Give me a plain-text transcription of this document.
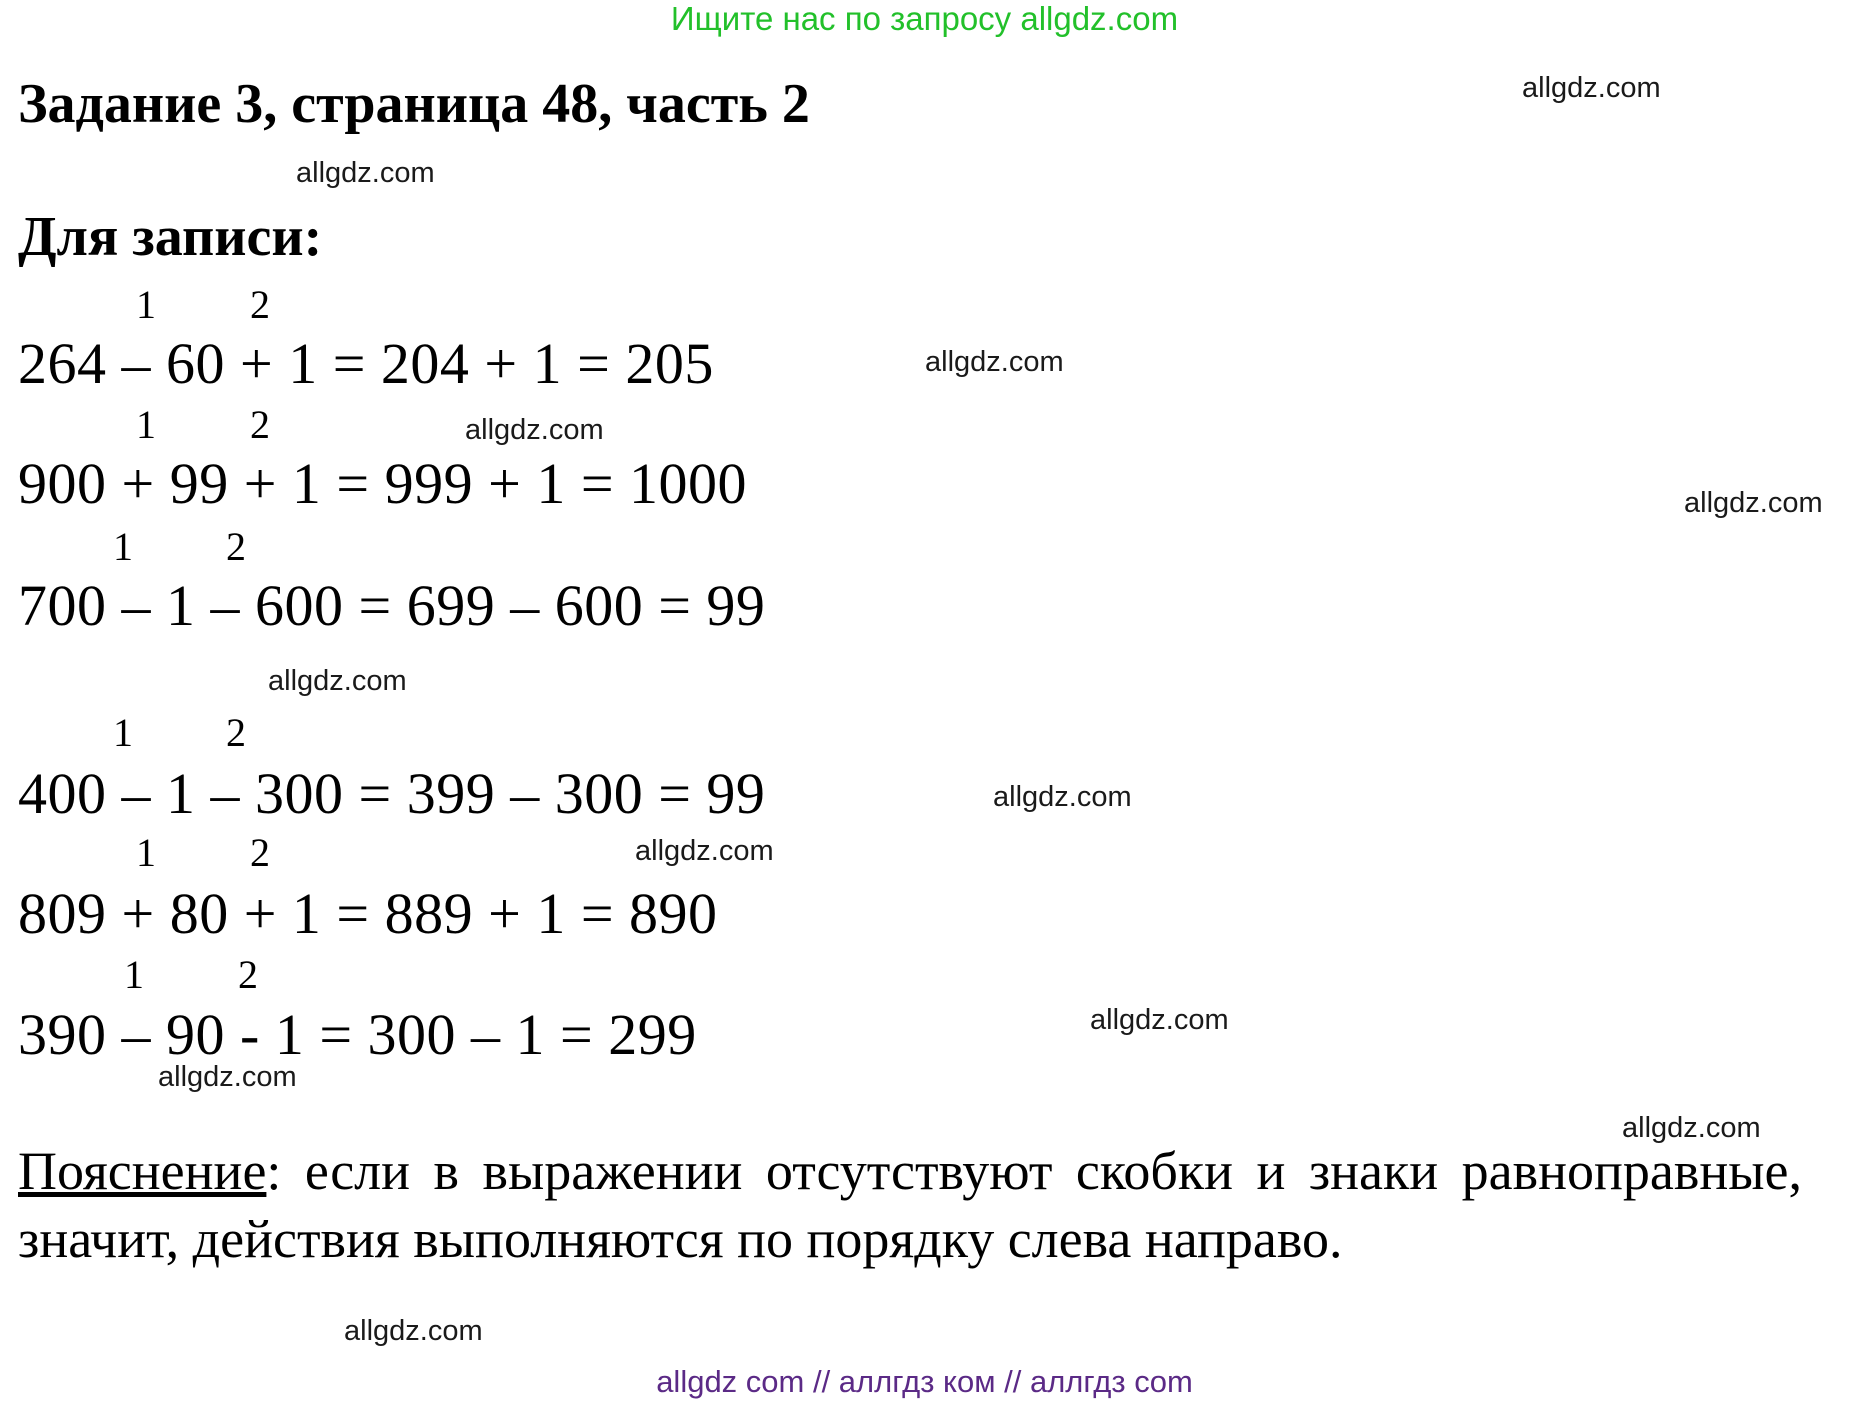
Ищите нас по запросу allgdz.com
Задание 3, страница 48, часть 2
Для записи:
1 2
264 – 60 + 1 = 204 + 1 = 205
1 2
900 + 99 + 1 = 999 + 1 = 1000
1 2
700 – 1 – 600 = 699 – 600 = 99
1 2
400 – 1 – 300 = 399 – 300 = 99
1 2
809 + 80 + 1 = 889 + 1 = 890
1 2
390 – 90 - 1 = 300 – 1 = 299
Пояснение: если в выражении отсутствуют скобки и знаки равноправные, значит, действия выполняются по порядку слева направо.
allgdz.com
allgdz.com
allgdz.com
allgdz.com
allgdz.com
allgdz.com
allgdz.com
allgdz.com
allgdz.com
allgdz.com
allgdz.com
allgdz.com
allgdz com // аллгдз ком // аллгдз com
